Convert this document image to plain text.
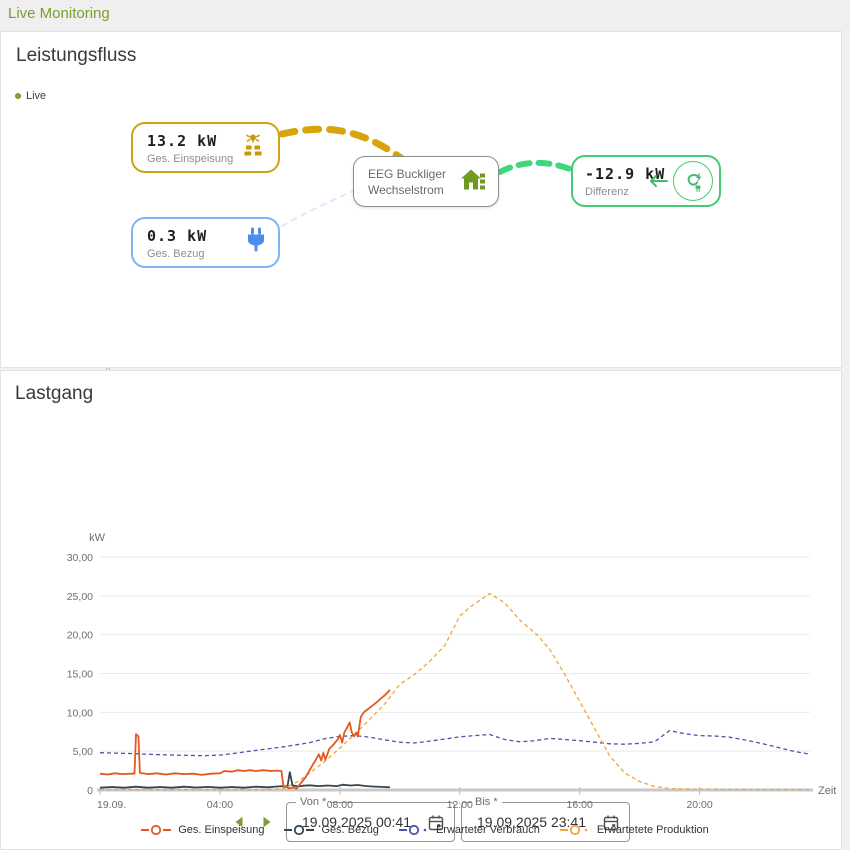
Live Monitoring
Leistungsfluss
Live
13.2 kW
Ges. Einspeisung
0.3 kW
Ges. Bezug
EEG Buckliger
Wechselstrom
-12.9 kW
Differenz
Lastgang
Von *
19.09.2025 00:41	Bis *
19.09.2025 23:41
kW
0
5,00
10,00
15,00
20,00
25,00
30,00
19.09.	04:00	08:00	12:00	16:00	20:00
Zeit
Ges. Einspeisung	Ges. Bezug	Erwarteter Verbrauch	Erwartetete Produktion
